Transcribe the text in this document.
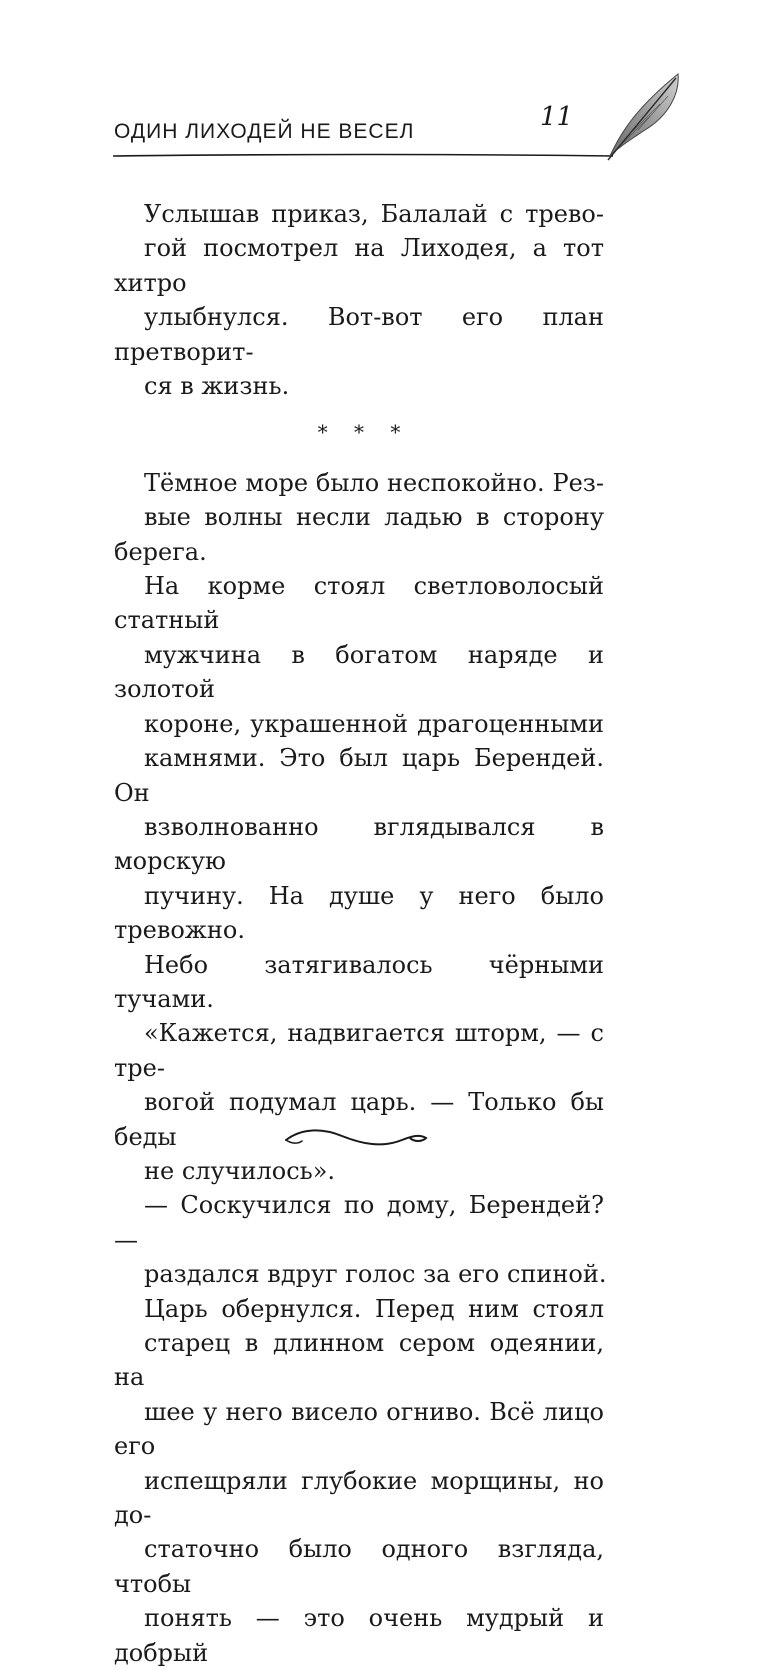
ОДИН ЛИХОДЕЙ НЕ ВЕСЕЛ	11
Услышав приказ, Балалай с трево-
гой посмотрел на Лиходея, а тот хитро
улыбнулся. Вот-вот его план претворит-
ся в жизнь.
* * *
Тёмное море было неспокойно. Рез-
вые волны несли ладью в сторону берега.
На корме стоял светловолосый статный
мужчина в богатом наряде и золотой
короне, украшенной драгоценными
камнями. Это был царь Берендей. Он
взволнованно вглядывался в морскую
пучину. На душе у него было тревожно.
Небо затягивалось чёрными тучами.
«Кажется, надвигается шторм, — с тре-
вогой подумал царь. — Только бы беды
не случилось».
— Соскучился по дому, Берендей? —
раздался вдруг голос за его спиной.
Царь обернулся. Перед ним стоял
старец в длинном сером одеянии, на
шее у него висело огниво. Всё лицо его
испещряли глубокие морщины, но до-
статочно было одного взгляда, чтобы
понять — это очень мудрый и добрый
